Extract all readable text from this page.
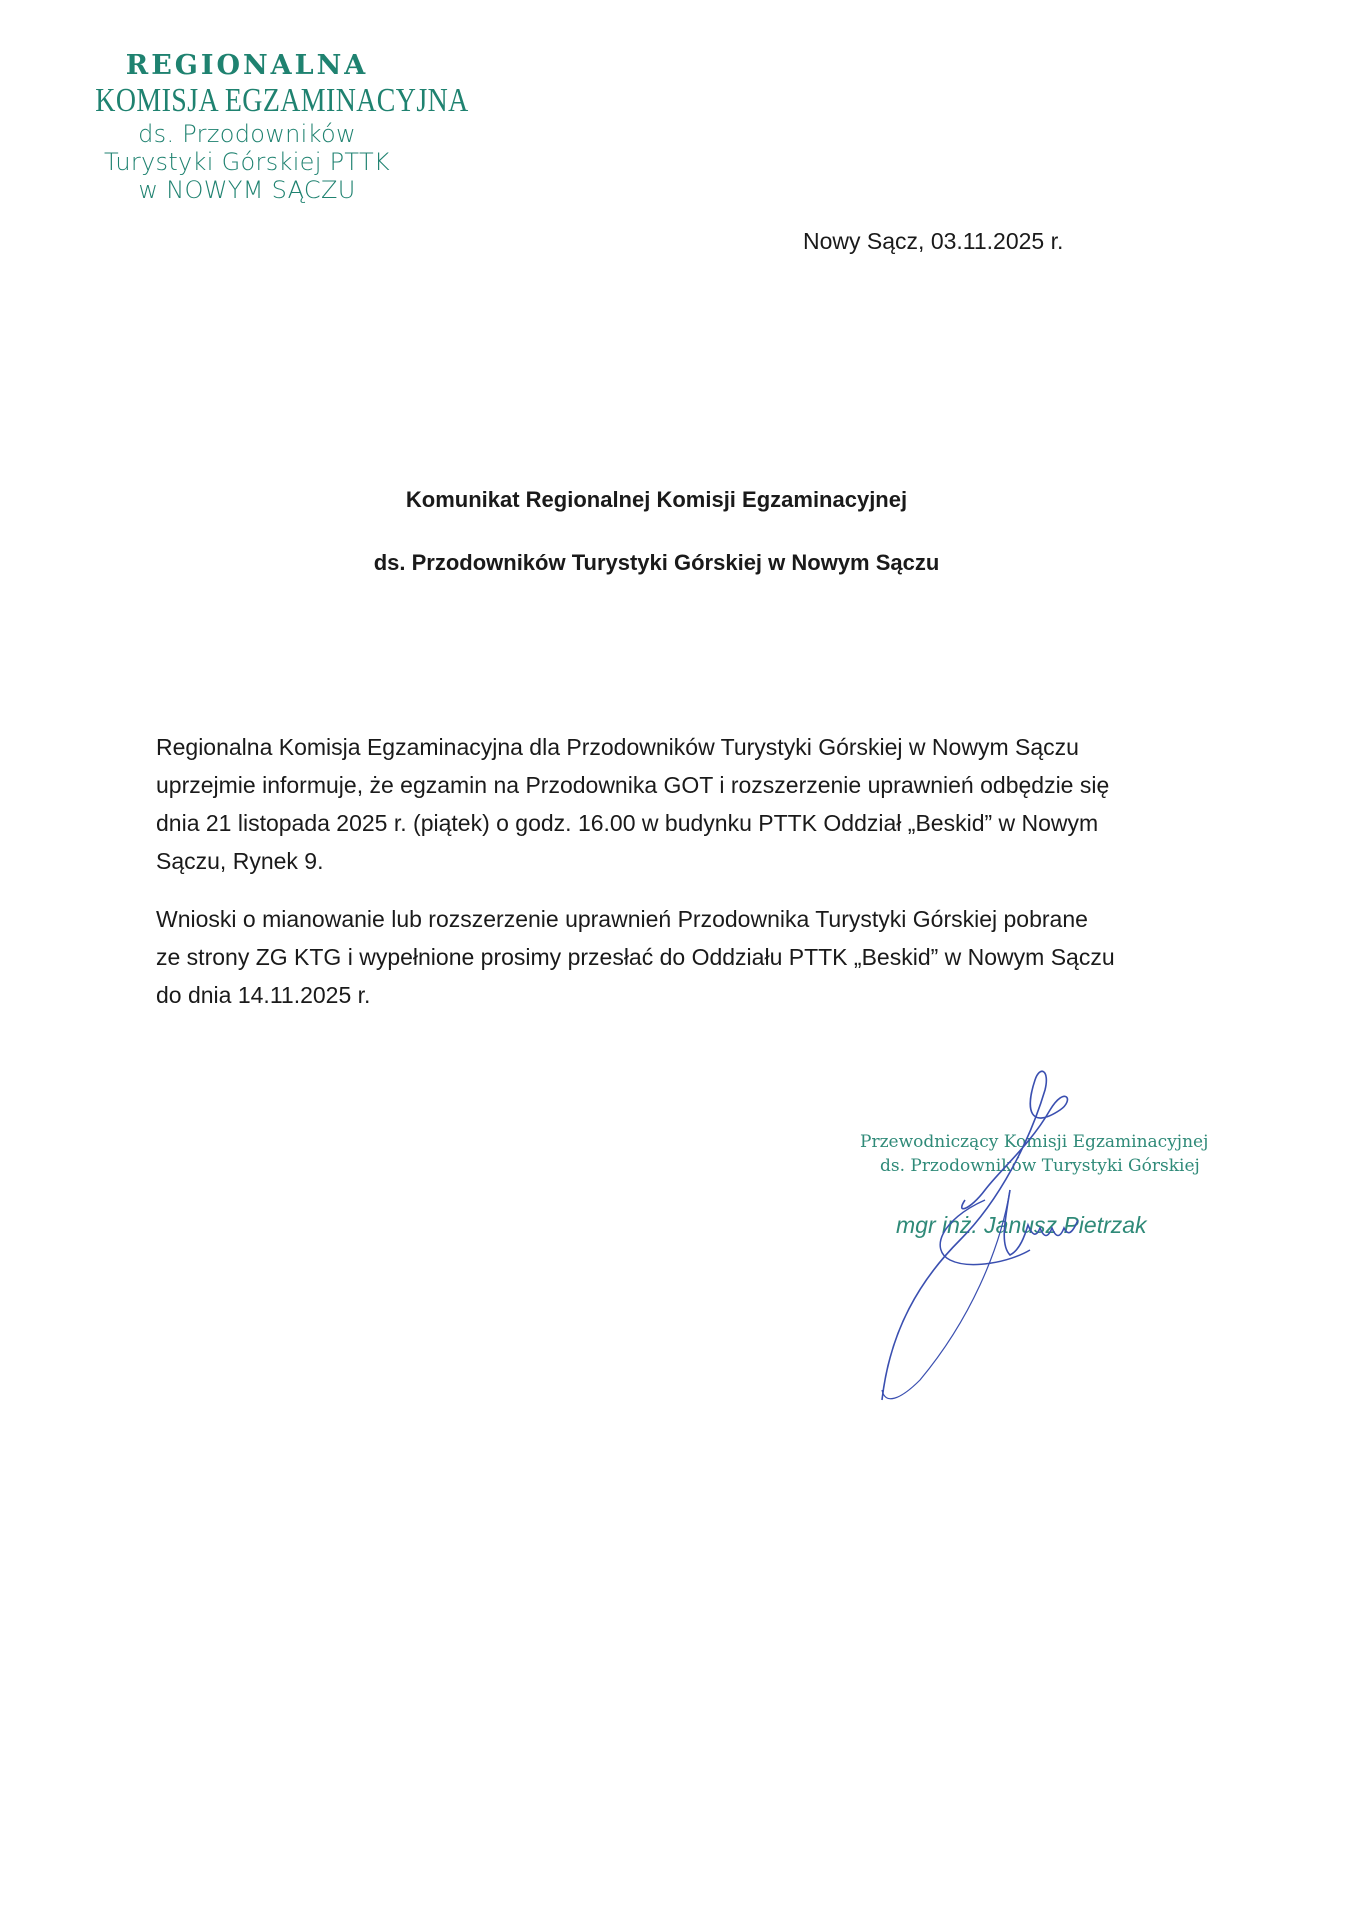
REGIONALNA
KOMISJA EGZAMINACYJNA
ds. Przodowników
Turystyki Górskiej PTTK
w NOWYM SĄCZU
Nowy Sącz, 03.11.2025 r.
Komunikat Regionalnej Komisji Egzaminacyjnej
ds. Przodowników Turystyki Górskiej w Nowym Sączu
Regionalna Komisja Egzaminacyjna dla Przodowników Turystyki Górskiej w Nowym Sączu
uprzejmie informuje, że egzamin na Przodownika GOT i rozszerzenie uprawnień odbędzie się
dnia 21 listopada 2025 r. (piątek) o godz. 16.00 w budynku PTTK Oddział „Beskid” w Nowym
Sączu, Rynek 9.
Wnioski o mianowanie lub rozszerzenie uprawnień Przodownika Turystyki Górskiej pobrane
ze strony ZG KTG i wypełnione prosimy przesłać do Oddziału PTTK „Beskid” w Nowym Sączu
do dnia 14.11.2025 r.
Przewodniczący Komisji Egzaminacyjnej
ds. Przodowników Turystyki Górskiej
mgr inż. Janusz Pietrzak
